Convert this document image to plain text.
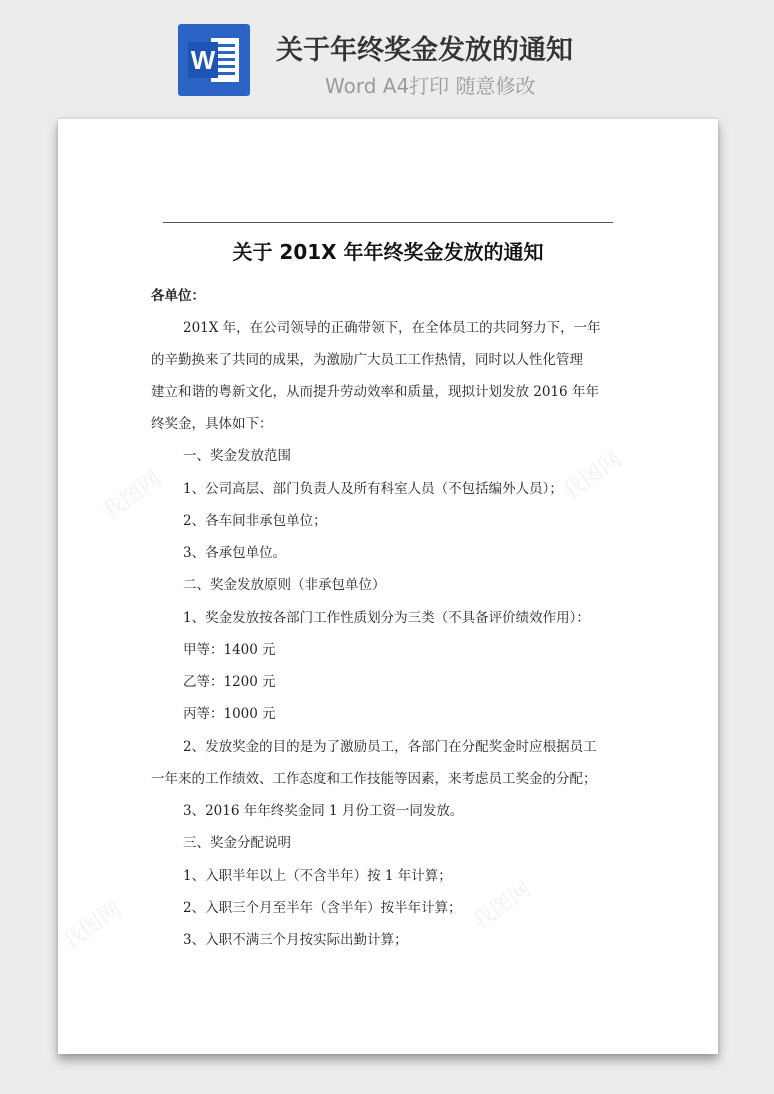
W 关于年终奖金发放的通知
Word A4打印 随意修改
我图网	我图网
我图网	我图网
关于 201X 年年终奖金发放的通知
各单位：
201X 年，在公司领导的正确带领下，在全体员工的共同努力下，一年
的辛勤换来了共同的成果，为激励广大员工工作热情，同时以人性化管理
建立和谐的粤新文化，从而提升劳动效率和质量，现拟计划发放 2016 年年
终奖金，具体如下：
一、奖金发放范围
1、公司高层、部门负责人及所有科室人员（不包括编外人员）；
2、各车间非承包单位；
3、各承包单位。
二、奖金发放原则（非承包单位）
1、奖金发放按各部门工作性质划分为三类（不具备评价绩效作用）：
甲等：1400 元
乙等：1200 元
丙等：1000 元
2、发放奖金的目的是为了激励员工，各部门在分配奖金时应根据员工
一年来的工作绩效、工作态度和工作技能等因素，来考虑员工奖金的分配；
3、2016 年年终奖金同 1 月份工资一同发放。
三、奖金分配说明
1、入职半年以上（不含半年）按 1 年计算；
2、入职三个月至半年（含半年）按半年计算；
3、入职不满三个月按实际出勤计算；
